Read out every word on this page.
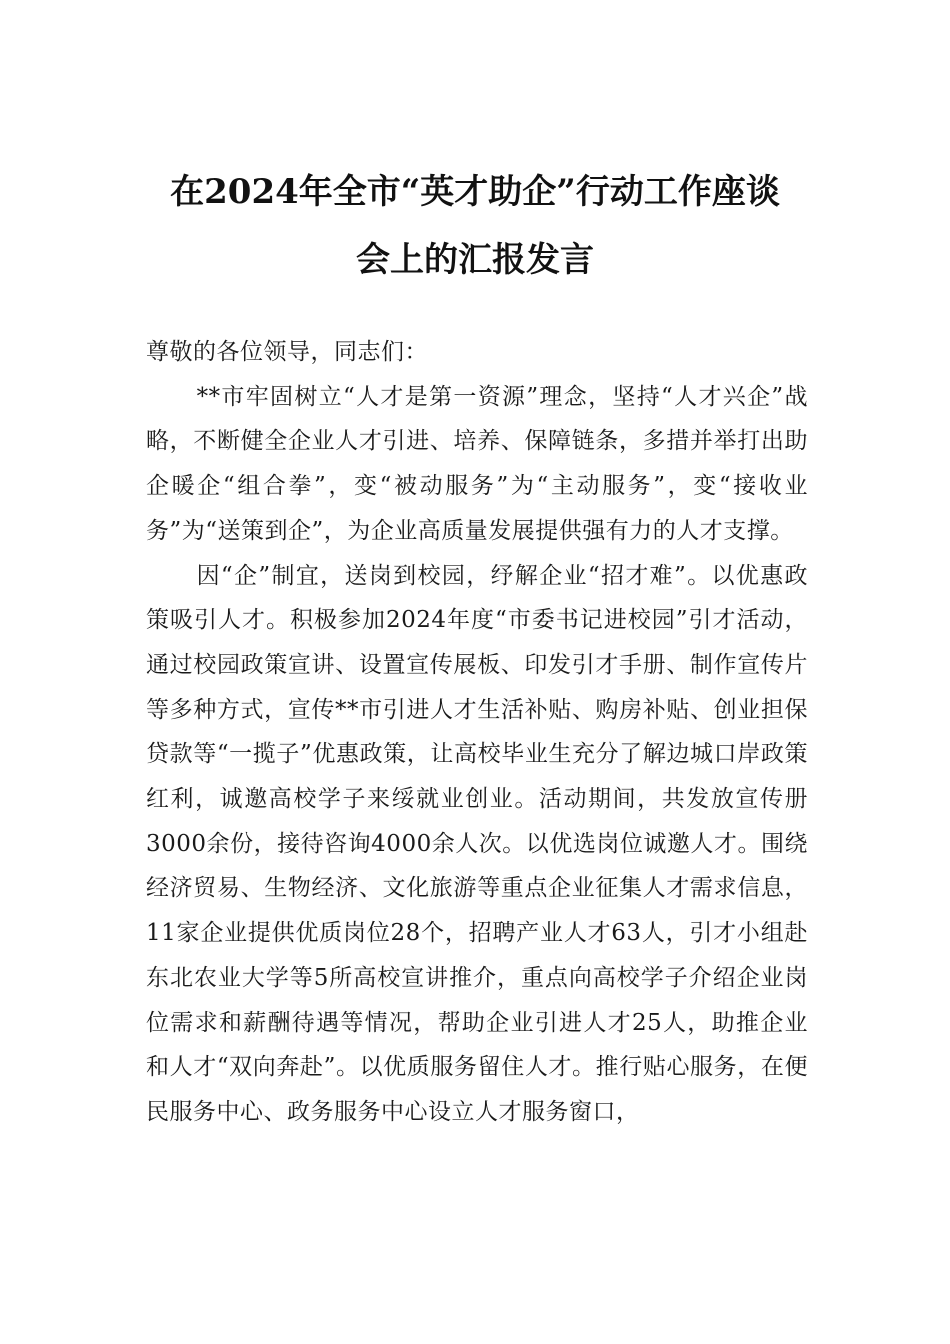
在2024年全市“英才助企”行动工作座谈
会上的汇报发言

尊敬的各位领导，同志们：

**市牢固树立“人才是第一资源”理念，坚持“人才兴企”战略，不断健全企业人才引进、培养、保障链条，多措并举打出助企暖企“组合拳”，变“被动服务”为“主动服务”，变“接收业务”为“送策到企”，为企业高质量发展提供强有力的人才支撑。

因“企”制宜，送岗到校园，纾解企业“招才难”。以优惠政策吸引人才。积极参加2024年度“市委书记进校园”引才活动，通过校园政策宣讲、设置宣传展板、印发引才手册、制作宣传片等多种方式，宣传**市引进人才生活补贴、购房补贴、创业担保贷款等“一揽子”优惠政策，让高校毕业生充分了解边城口岸政策红利，诚邀高校学子来绥就业创业。活动期间，共发放宣传册3000余份，接待咨询4000余人次。以优选岗位诚邀人才。围绕经济贸易、生物经济、文化旅游等重点企业征集人才需求信息，11家企业提供优质岗位28个，招聘产业人才63人，引才小组赴东北农业大学等5所高校宣讲推介，重点向高校学子介绍企业岗位需求和薪酬待遇等情况，帮助企业引进人才25人，助推企业和人才“双向奔赴”。以优质服务留住人才。推行贴心服务，在便民服务中心、政务服务中心设立人才服务窗口，
